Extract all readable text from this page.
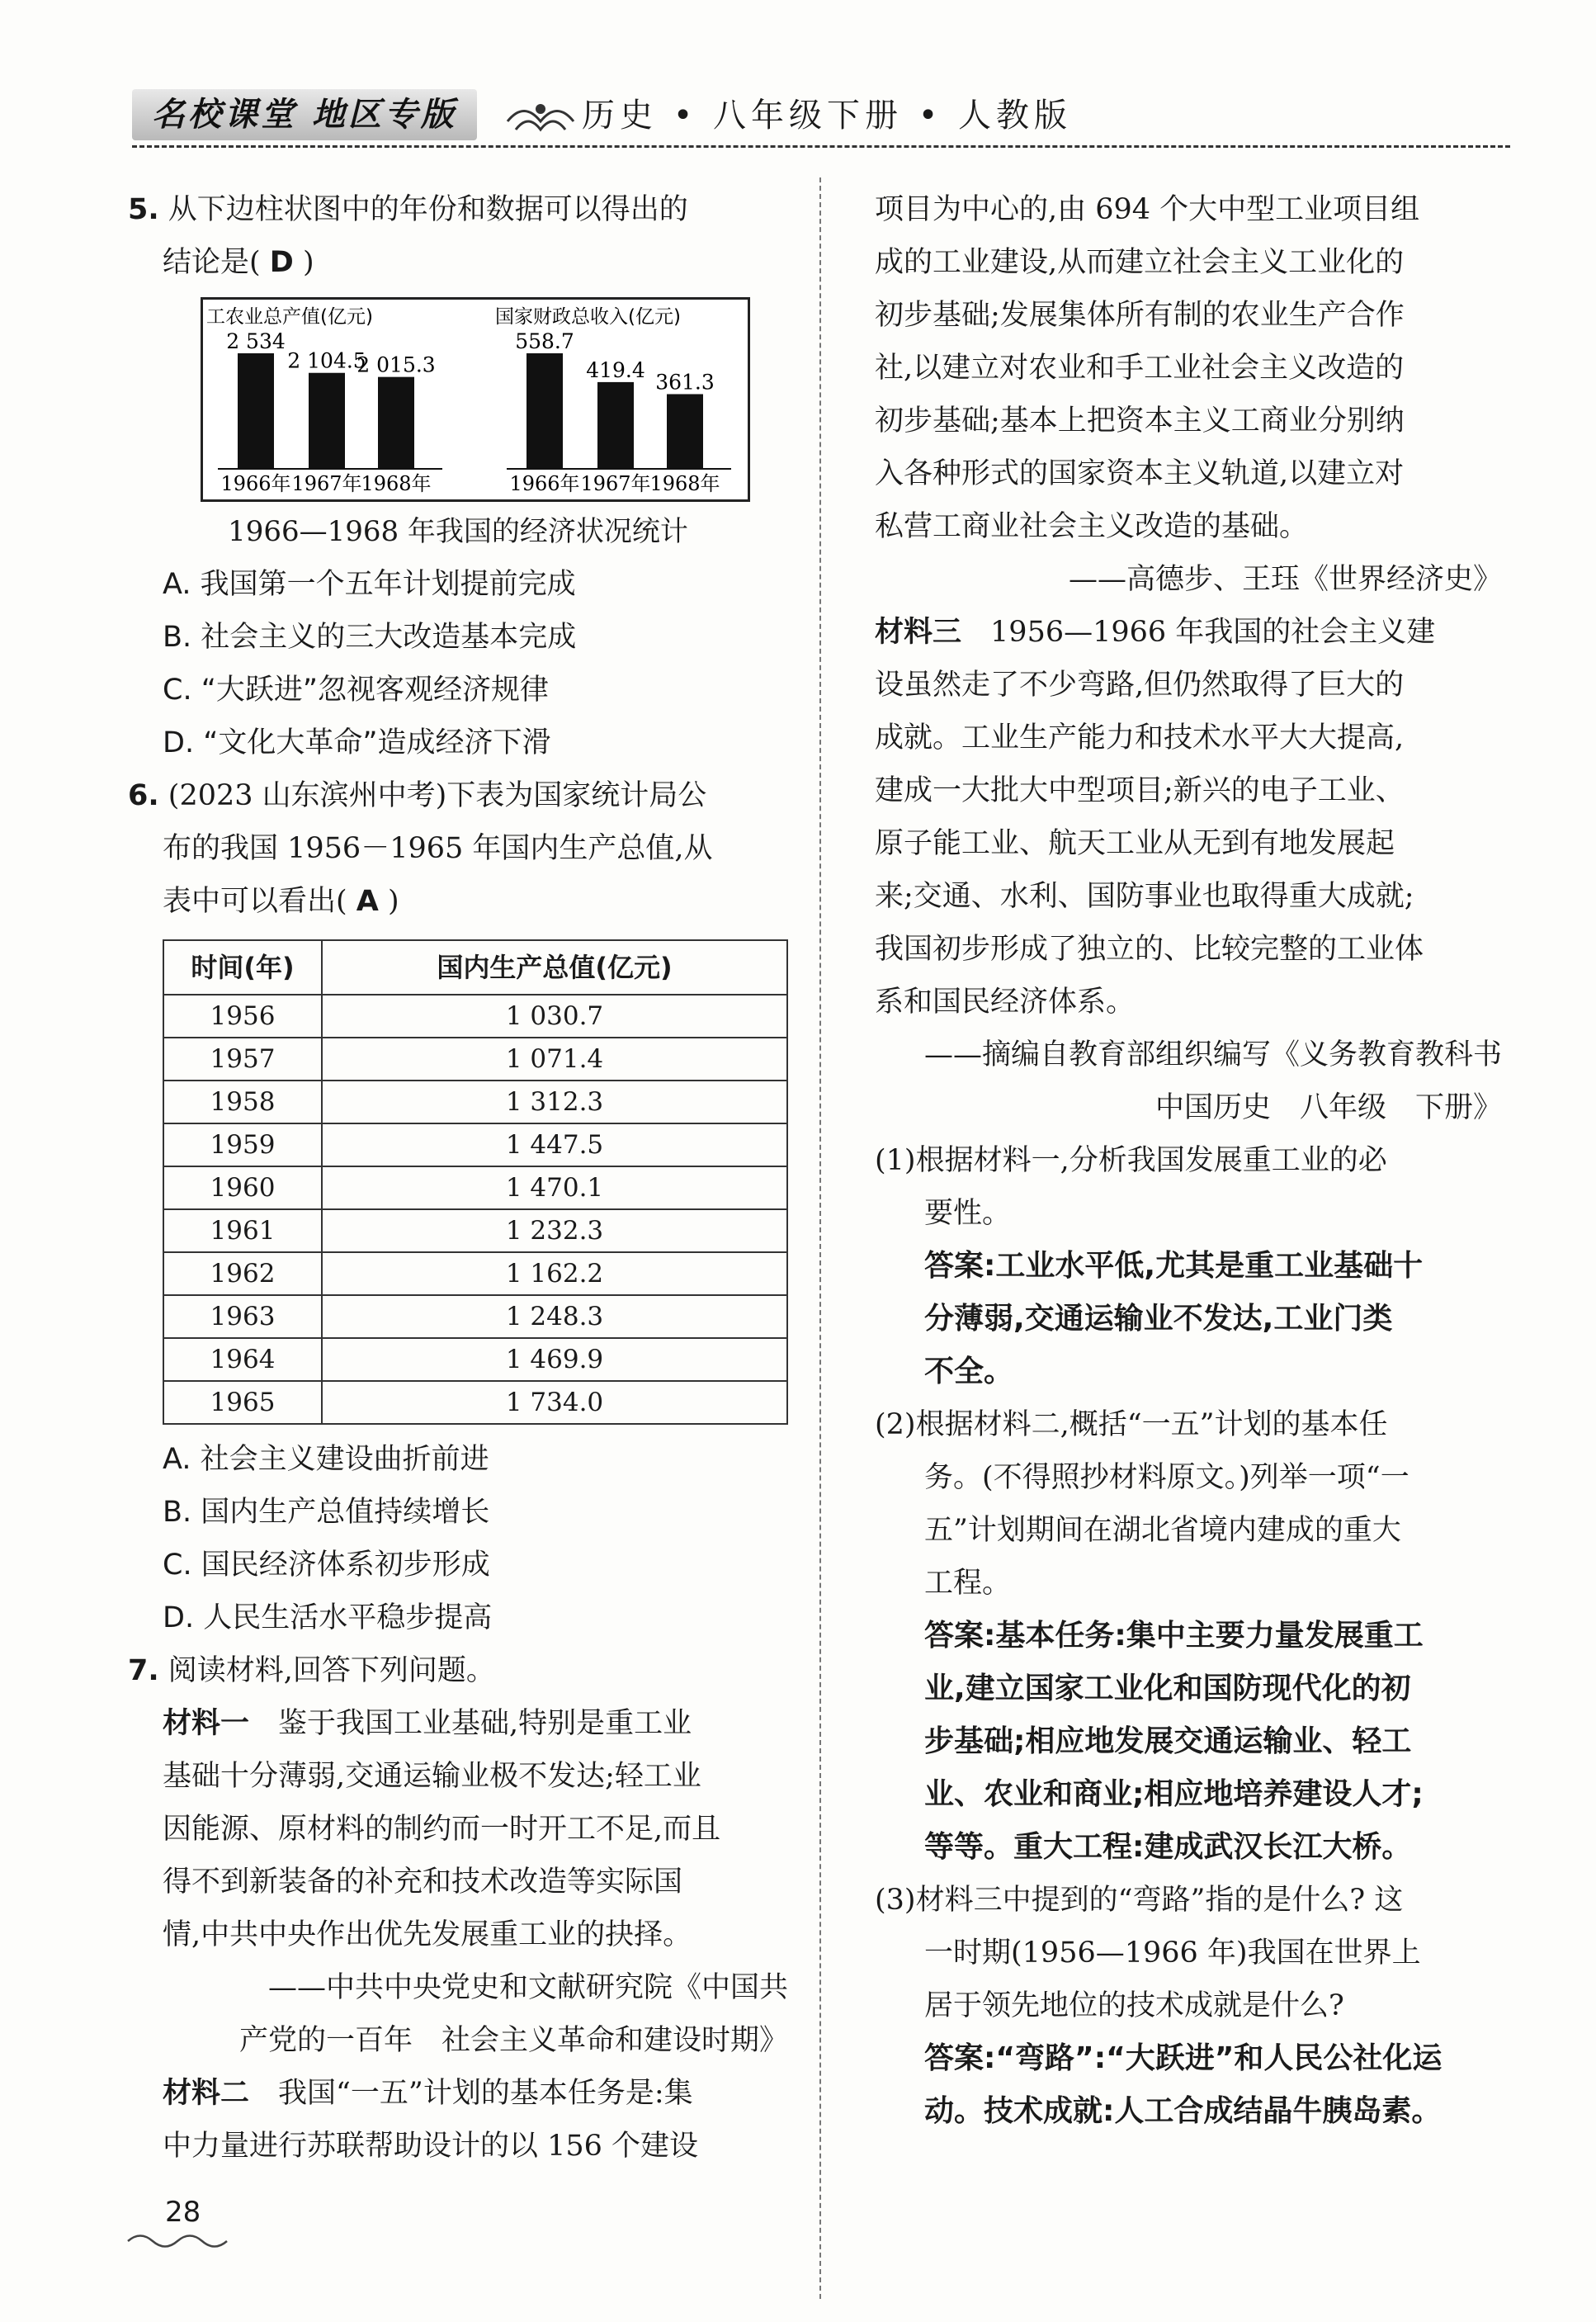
名校课堂 地区专版	历史 • 八年级下册 • 人教版

5. 从下边柱状图中的年份和数据可以得出的

结论是( D )

工农业总产值(亿元)
2 534
1966年
2 104.5
1967年
2 015.3
1968年
国家财政总收入(亿元)
558.7
1966年
419.4
1967年
361.3
1968年
1966—1968 年我国的经济状况统计
A. 我国第一个五年计划提前完成
B. 社会主义的三大改造基本完成
C. “大跃进”忽视客观经济规律
D. “文化大革命”造成经济下滑

6. (2023 山东滨州中考)下表为国家统计局公

布的我国 1956－1965 年国内生产总值,从

表中可以看出( A )

时间(年)	国内生产总值(亿元)
1956	1 030.7
1957	1 071.4
1958	1 312.3
1959	1 447.5
1960	1 470.1
1961	1 232.3
1962	1 162.2
1963	1 248.3
1964	1 469.9
1965	1 734.0
A. 社会主义建设曲折前进
B. 国内生产总值持续增长
C. 国民经济体系初步形成
D. 人民生活水平稳步提高

7. 阅读材料,回答下列问题。

材料一　 鉴于我国工业基础,特别是重工业

基础十分薄弱,交通运输业极不发达;轻工业

因能源、原材料的制约而一时开工不足,而且

得不到新装备的补充和技术改造等实际国

情,中共中央作出优先发展重工业的抉择。

——中共中央党史和文献研究院《中国共

产党的一百年　社会主义革命和建设时期》

材料二　 我国“一五”计划的基本任务是:集

中力量进行苏联帮助设计的以 156 个建设

项目为中心的,由 694 个大中型工业项目组

成的工业建设,从而建立社会主义工业化的

初步基础;发展集体所有制的农业生产合作

社,以建立对农业和手工业社会主义改造的

初步基础;基本上把资本主义工商业分别纳

入各种形式的国家资本主义轨道,以建立对

私营工商业社会主义改造的基础。

——高德步、王珏《世界经济史》

材料三　 1956—1966 年我国的社会主义建

设虽然走了不少弯路,但仍然取得了巨大的

成就。工业生产能力和技术水平大大提高,

建成一大批大中型项目;新兴的电子工业、

原子能工业、航天工业从无到有地发展起

来;交通、水利、国防事业也取得重大成就;

我国初步形成了独立的、比较完整的工业体

系和国民经济体系。

——摘编自教育部组织编写《义务教育教科书

中国历史　八年级　下册》

(1)根据材料一,分析我国发展重工业的必

要性。

答案:工业水平低,尤其是重工业基础十

分薄弱,交通运输业不发达,工业门类

不全。

(2)根据材料二,概括“一五”计划的基本任

务。(不得照抄材料原文。)列举一项“一

五”计划期间在湖北省境内建成的重大

工程。

答案:基本任务:集中主要力量发展重工

业,建立国家工业化和国防现代化的初

步基础;相应地发展交通运输业、轻工

业、农业和商业;相应地培养建设人才;

等等。重大工程:建成武汉长江大桥。

(3)材料三中提到的“弯路”指的是什么? 这

一时期(1956—1966 年)我国在世界上

居于领先地位的技术成就是什么?

答案:“弯路”:“大跃进”和人民公社化运

动。技术成就:人工合成结晶牛胰岛素。

28
